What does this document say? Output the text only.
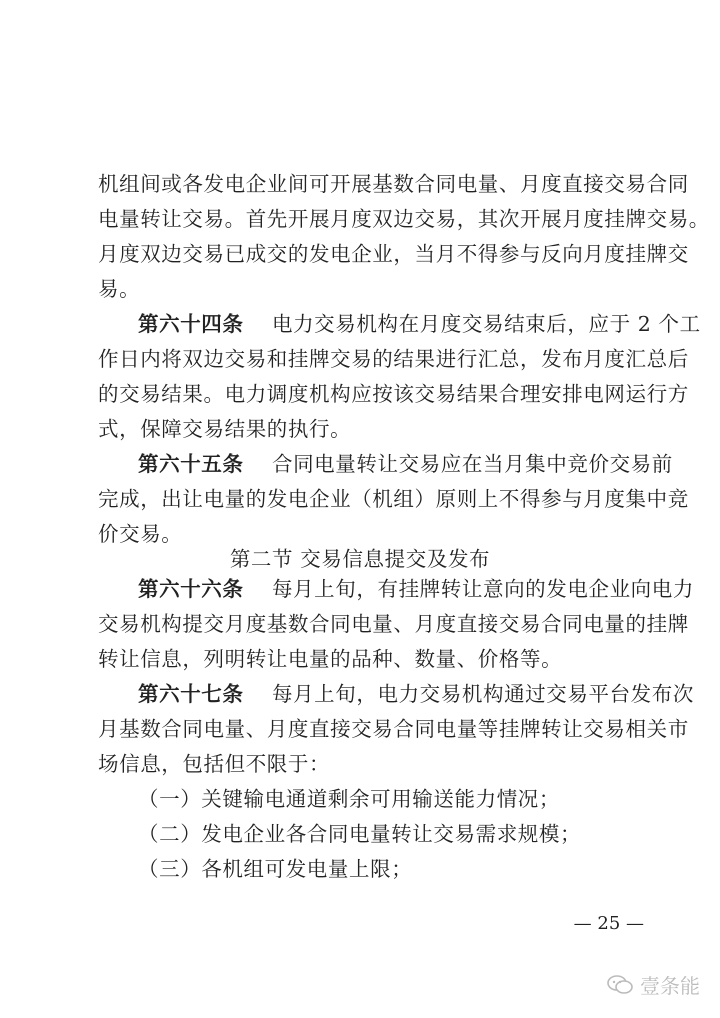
机组间或各发电企业间可开展基数合同电量、月度直接交易合同
电量转让交易。首先开展月度双边交易，其次开展月度挂牌交易。
月度双边交易已成交的发电企业，当月不得参与反向月度挂牌交
易。
第六十四条 电力交易机构在月度交易结束后，应于 2 个工
作日内将双边交易和挂牌交易的结果进行汇总，发布月度汇总后
的交易结果。电力调度机构应按该交易结果合理安排电网运行方
式，保障交易结果的执行。
第六十五条 合同电量转让交易应在当月集中竞价交易前
完成，出让电量的发电企业（机组）原则上不得参与月度集中竞
价交易。
第二节 交易信息提交及发布
第六十六条 每月上旬，有挂牌转让意向的发电企业向电力
交易机构提交月度基数合同电量、月度直接交易合同电量的挂牌
转让信息，列明转让电量的品种、数量、价格等。
第六十七条 每月上旬，电力交易机构通过交易平台发布次
月基数合同电量、月度直接交易合同电量等挂牌转让交易相关市
场信息，包括但不限于：
（一）关键输电通道剩余可用输送能力情况；
（二）发电企业各合同电量转让交易需求规模；
（三）各机组可发电量上限；
— 25 —
壹条能
